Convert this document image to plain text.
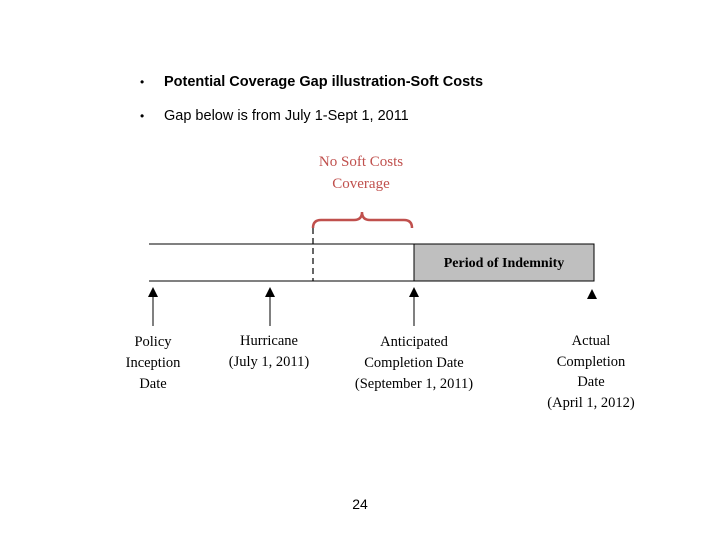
•	Potential Coverage Gap illustration-Soft Costs
•	Gap below is from July 1-Sept 1, 2011
No Soft Costs
Coverage
Period of Indemnity
Policy
Inception
Date
Hurricane
(July 1, 2011)
Anticipated
Completion Date
(September 1, 2011)
Actual
Completion
Date
(April 1, 2012)
24
